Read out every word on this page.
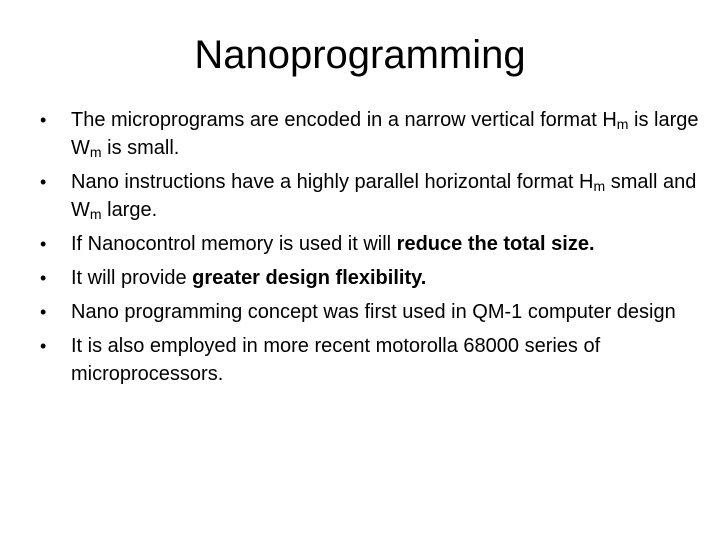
Nanoprogramming
•	The microprograms are encoded in a narrow vertical format $H_m$ is large $W_m$ is small.
•	Nano instructions have a highly parallel horizontal format $H_m$ small and $W_m$ large.
•	If Nanocontrol memory is used it will reduce the total size.
•	It will provide greater design flexibility.
•	Nano programming concept was first used in QM-1 computer design
•	It is also employed in more recent motorolla 68000 series of microprocessors.
